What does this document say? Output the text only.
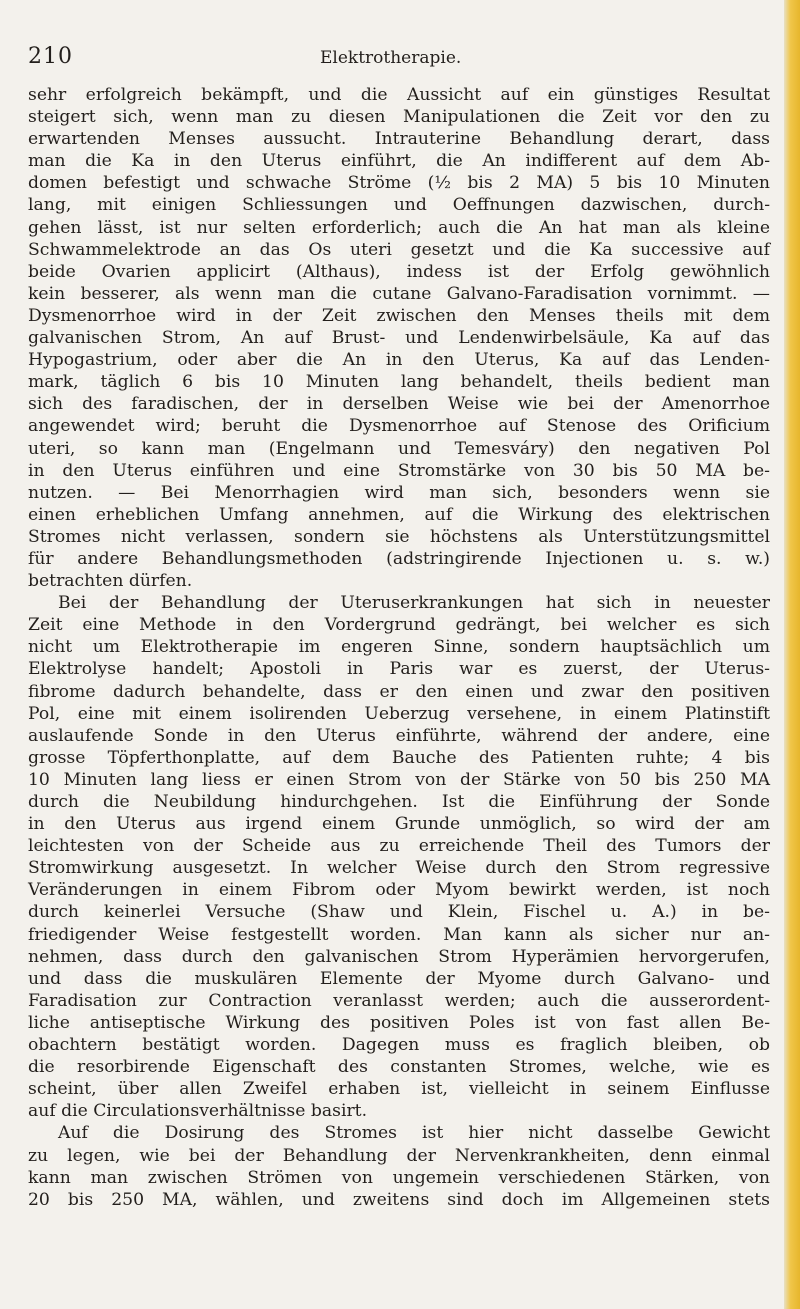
210	Elektrotherapie.
sehr erfolgreich bekämpft, und die Aussicht auf ein günstiges Resultat
steigert sich, wenn man zu diesen Manipulationen die Zeit vor den zu
erwartenden Menses aussucht. Intrauterine Behandlung derart, dass
man die Ka in den Uterus einführt, die An indifferent auf dem Ab-
domen befestigt und schwache Ströme (½ bis 2 MA) 5 bis 10 Minuten
lang, mit einigen Schliessungen und Oeffnungen dazwischen, durch-
gehen lässt, ist nur selten erforderlich; auch die An hat man als kleine
Schwammelektrode an das Os uteri gesetzt und die Ka successive auf
beide Ovarien applicirt (Althaus), indess ist der Erfolg gewöhnlich
kein besserer, als wenn man die cutane Galvano-Faradisation vornimmt. —
Dysmenorrhoe wird in der Zeit zwischen den Menses theils mit dem
galvanischen Strom, An auf Brust- und Lendenwirbelsäule, Ka auf das
Hypogastrium, oder aber die An in den Uterus, Ka auf das Lenden-
mark, täglich 6 bis 10 Minuten lang behandelt, theils bedient man
sich des faradischen, der in derselben Weise wie bei der Amenorrhoe
angewendet wird; beruht die Dysmenorrhoe auf Stenose des Orificium
uteri, so kann man (Engelmann und Temesváry) den negativen Pol
in den Uterus einführen und eine Stromstärke von 30 bis 50 MA be-
nutzen. — Bei Menorrhagien wird man sich, besonders wenn sie
einen erheblichen Umfang annehmen, auf die Wirkung des elektrischen
Stromes nicht verlassen, sondern sie höchstens als Unterstützungsmittel
für andere Behandlungsmethoden (adstringirende Injectionen u. s. w.)
betrachten dürfen.
Bei der Behandlung der Uteruserkrankungen hat sich in neuester
Zeit eine Methode in den Vordergrund gedrängt, bei welcher es sich
nicht um Elektrotherapie im engeren Sinne, sondern hauptsächlich um
Elektrolyse handelt; Apostoli in Paris war es zuerst, der Uterus-
fibrome dadurch behandelte, dass er den einen und zwar den positiven
Pol, eine mit einem isolirenden Ueberzug versehene, in einem Platinstift
auslaufende Sonde in den Uterus einführte, während der andere, eine
grosse Töpferthonplatte, auf dem Bauche des Patienten ruhte; 4 bis
10 Minuten lang liess er einen Strom von der Stärke von 50 bis 250 MA
durch die Neubildung hindurchgehen. Ist die Einführung der Sonde
in den Uterus aus irgend einem Grunde unmöglich, so wird der am
leichtesten von der Scheide aus zu erreichende Theil des Tumors der
Stromwirkung ausgesetzt. In welcher Weise durch den Strom regressive
Veränderungen in einem Fibrom oder Myom bewirkt werden, ist noch
durch keinerlei Versuche (Shaw und Klein, Fischel u. A.) in be-
friedigender Weise festgestellt worden. Man kann als sicher nur an-
nehmen, dass durch den galvanischen Strom Hyperämien hervorgerufen,
und dass die muskulären Elemente der Myome durch Galvano- und
Faradisation zur Contraction veranlasst werden; auch die ausserordent-
liche antiseptische Wirkung des positiven Poles ist von fast allen Be-
obachtern bestätigt worden. Dagegen muss es fraglich bleiben, ob
die resorbirende Eigenschaft des constanten Stromes, welche, wie es
scheint, über allen Zweifel erhaben ist, vielleicht in seinem Einflusse
auf die Circulationsverhältnisse basirt.
Auf die Dosirung des Stromes ist hier nicht dasselbe Gewicht
zu legen, wie bei der Behandlung der Nervenkrankheiten, denn einmal
kann man zwischen Strömen von ungemein verschiedenen Stärken, von
20 bis 250 MA, wählen, und zweitens sind doch im Allgemeinen stets
